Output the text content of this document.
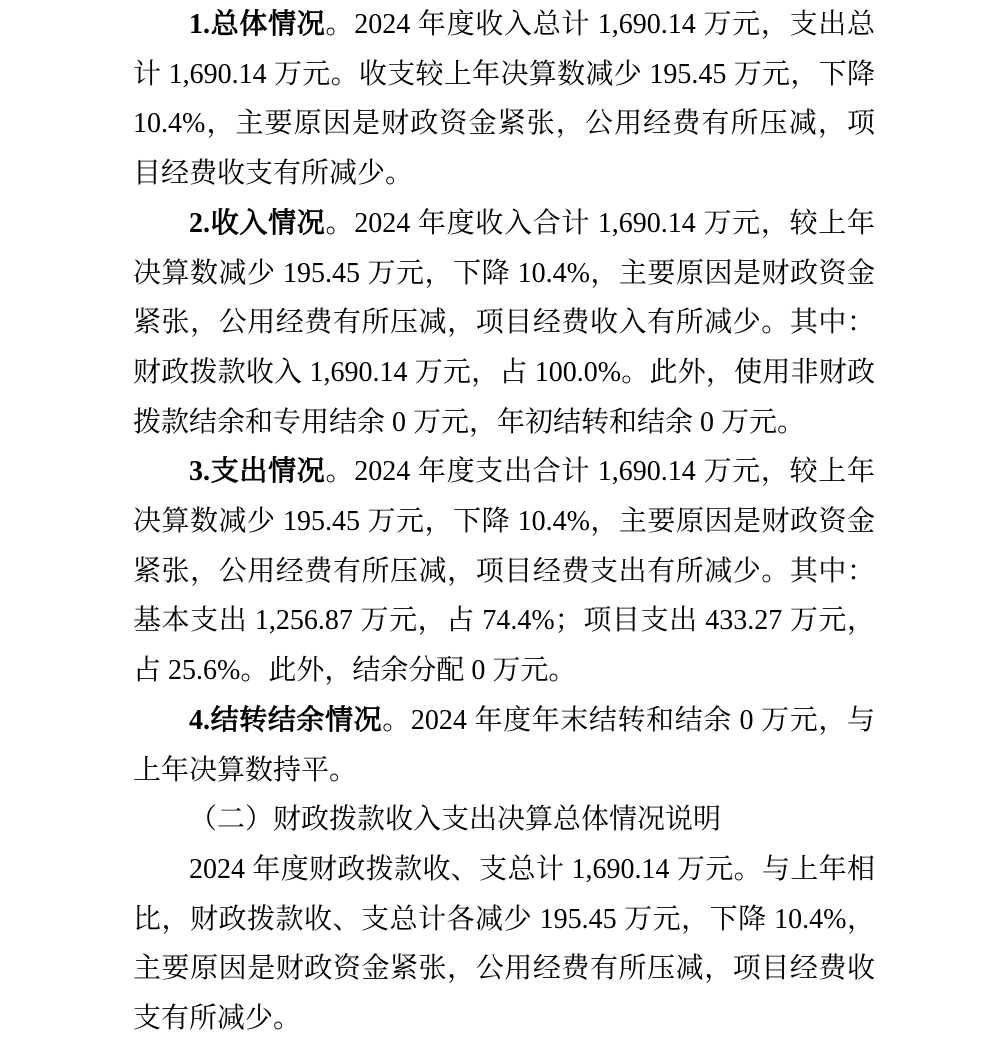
1.总体情况。2024 年度收入总计 1,690.14 万元，支出总计 1,690.14 万元。收支较上年决算数减少 195.45 万元，下降 10.4%，主要原因是财政资金紧张，公用经费有所压减，项目经费收支有所减少。

2.收入情况。2024 年度收入合计 1,690.14 万元，较上年决算数减少 195.45 万元，下降 10.4%，主要原因是财政资金紧张，公用经费有所压减，项目经费收入有所减少。其中：财政拨款收入 1,690.14 万元，占 100.0%。此外，使用非财政拨款结余和专用结余 0 万元，年初结转和结余 0 万元。

3.支出情况。2024 年度支出合计 1,690.14 万元，较上年决算数减少 195.45 万元，下降 10.4%，主要原因是财政资金紧张，公用经费有所压减，项目经费支出有所减少。其中：基本支出 1,256.87 万元，占 74.4%；项目支出 433.27 万元，占 25.6%。此外，结余分配 0 万元。

4.结转结余情况。2024 年度年末结转和结余 0 万元，与上年决算数持平。

（二）财政拨款收入支出决算总体情况说明

2024 年度财政拨款收、支总计 1,690.14 万元。与上年相比，财政拨款收、支总计各减少 195.45 万元，下降 10.4%，主要原因是财政资金紧张，公用经费有所压减，项目经费收支有所减少。
